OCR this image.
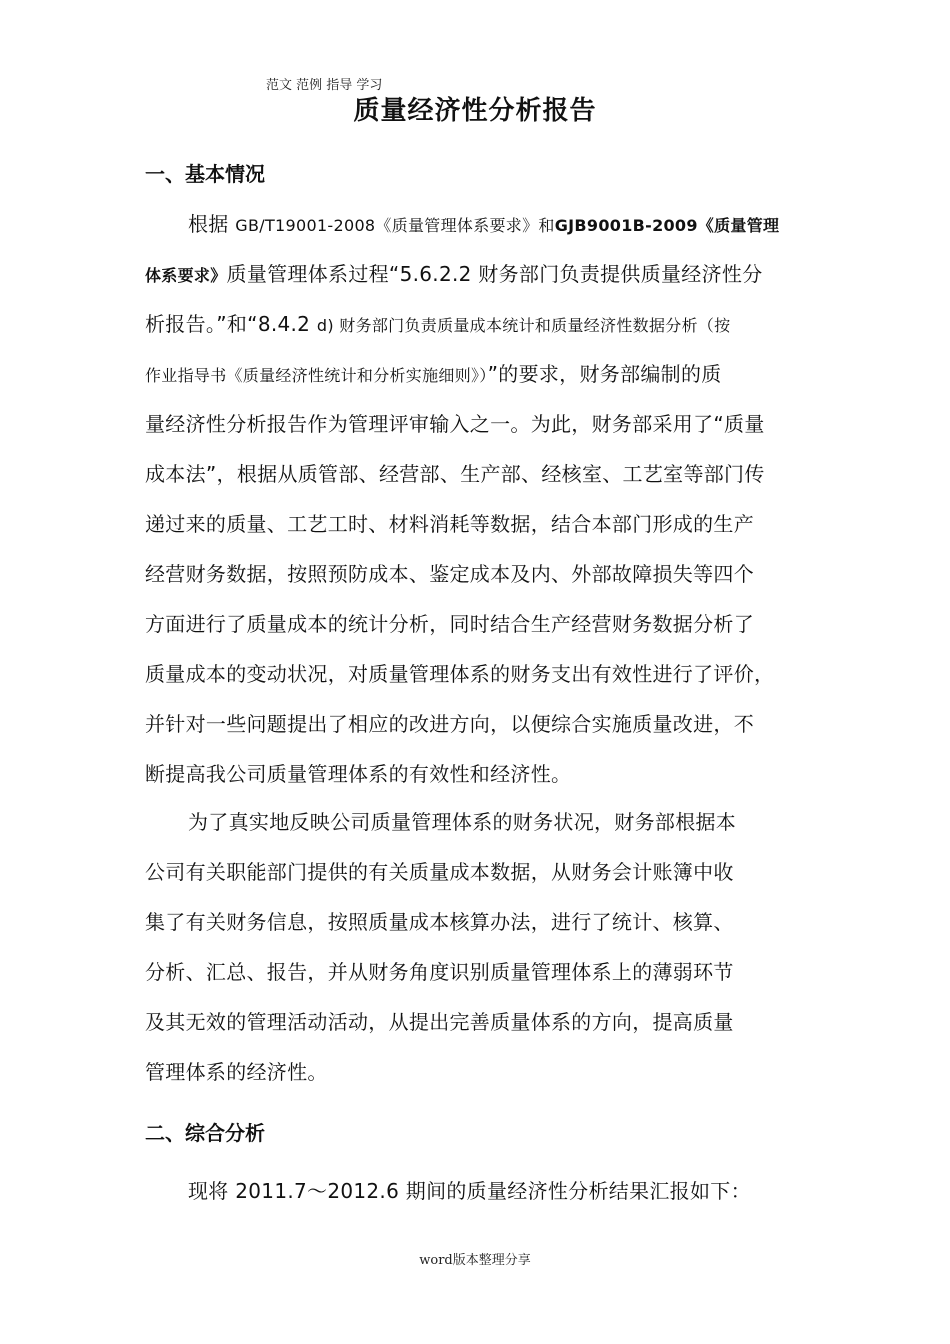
范文 范例 指导 学习
质量经济性分析报告
一、基本情况
根据 GB/T19001-2008《质量管理体系要求》和GJB9001B-2009《质量管理
体系要求》质量管理体系过程“5.6.2.2 财务部门负责提供质量经济性分
析报告。”和“8.4.2 d) 财务部门负责质量成本统计和质量经济性数据分析（按
作业指导书《质量经济性统计和分析实施细则》）”的要求，财务部编制的质
量经济性分析报告作为管理评审输入之一。为此，财务部采用了“质量
成本法”，根据从质管部、经营部、生产部、经核室、工艺室等部门传
递过来的质量、工艺工时、材料消耗等数据，结合本部门形成的生产
经营财务数据，按照预防成本、鉴定成本及内、外部故障损失等四个
方面进行了质量成本的统计分析，同时结合生产经营财务数据分析了
质量成本的变动状况，对质量管理体系的财务支出有效性进行了评价，
并针对一些问题提出了相应的改进方向，以便综合实施质量改进，不
断提高我公司质量管理体系的有效性和经济性。
为了真实地反映公司质量管理体系的财务状况，财务部根据本
公司有关职能部门提供的有关质量成本数据，从财务会计账簿中收
集了有关财务信息，按照质量成本核算办法，进行了统计、核算、
分析、汇总、报告，并从财务角度识别质量管理体系上的薄弱环节
及其无效的管理活动活动，从提出完善质量体系的方向，提高质量
管理体系的经济性。
二、综合分析
现将 2011.7～2012.6 期间的质量经济性分析结果汇报如下：
word版本整理分享
